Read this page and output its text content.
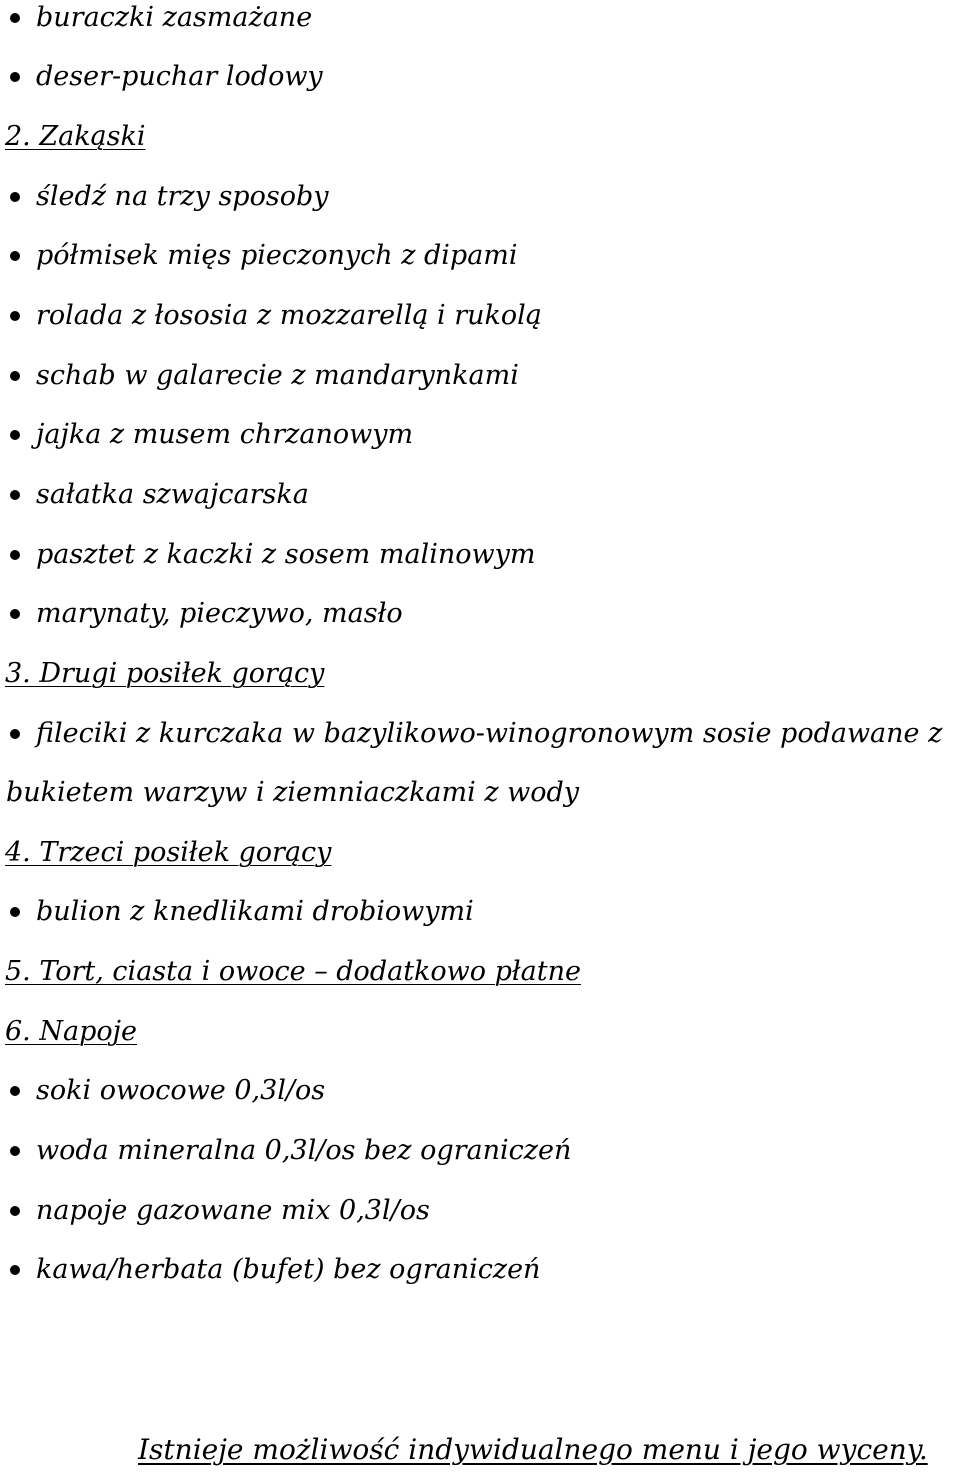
buraczki zasmażane
deser-puchar lodowy
2. Zakąski
śledź na trzy sposoby
półmisek mięs pieczonych z dipami
rolada z łososia z mozzarellą i rukolą
schab w galarecie z mandarynkami
jajka z musem chrzanowym
sałatka szwajcarska
pasztet z kaczki z sosem malinowym
marynaty, pieczywo, masło
3. Drugi posiłek gorący
fileciki z kurczaka w bazylikowo-winogronowym sosie podawane z
bukietem warzyw i ziemniaczkami z wody
4. Trzeci posiłek gorący
bulion z knedlikami drobiowymi
5. Tort, ciasta i owoce – dodatkowo płatne
6. Napoje
soki owocowe 0,3l/os
woda mineralna 0,3l/os bez ograniczeń
napoje gazowane mix 0,3l/os
kawa/herbata (bufet) bez ograniczeń
Istnieje możliwość indywidualnego menu i jego wyceny.
